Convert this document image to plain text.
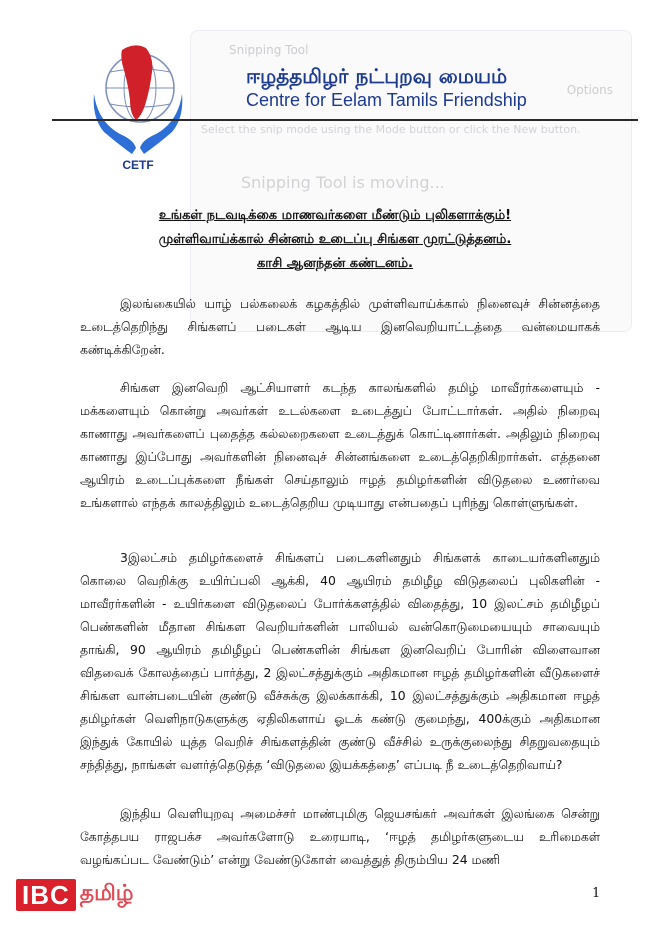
Snipping Tool
Options
Select the snip mode using the Mode button or click the New button.
Snipping Tool is moving...
CETF
ஈழத்தமிழர் நட்புறவு மையம்
Centre for Eelam Tamils Friendship
உங்கள் நடவடிக்கை மாணவர்களை மீண்டும் புலிகளாக்கும்!
முள்ளிவாய்க்கால் சின்னம் உடைப்பு சிங்கள முரட்டுத்தனம்.
காசி ஆனந்தன் கண்டனம்.

இலங்கையில் யாழ் பல்கலைக் கழகத்தில் முள்ளிவாய்க்கால் நினைவுச் சின்னத்தை உடைத்தெறிந்து சிங்களப் படைகள் ஆடிய இனவெறியாட்டத்தை வன்மையாகக் கண்டிக்கிறேன்.

சிங்கள இனவெறி ஆட்சியாளர் கடந்த காலங்களில் தமிழ் மாவீரர்களையும் - மக்களையும் கொன்று அவர்கள் உடல்களை உடைத்துப் போட்டார்கள். அதில் நிறைவு காணாது அவர்களைப் புதைத்த கல்லறைகளை உடைத்துக் கொட்டினார்கள். அதிலும் நிறைவு காணாது இப்போது அவர்களின் நினைவுச் சின்னங்களை உடைத்தெறிகிறார்கள். எத்தனை ஆயிரம் உடைப்புக்களை நீங்கள் செய்தாலும் ஈழத் தமிழர்களின் விடுதலை உணர்வை உங்களால் எந்தக் காலத்திலும் உடைத்தெறிய முடியாது என்பதைப் புரிந்து கொள்ளுங்கள்.

3இலட்சம் தமிழர்களைச் சிங்களப் படைகளினதும் சிங்களக் காடையர்களினதும் கொலை வெறிக்கு உயிர்ப்பலி ஆக்கி, 40 ஆயிரம் தமிழீழ விடுதலைப் புலிகளின் - மாவீரர்களின் - உயிர்களை விடுதலைப் போர்க்களத்தில் விதைத்து, 10 இலட்சம் தமிழீழப் பெண்களின் மீதான சிங்கள வெறியர்களின் பாலியல் வன்கொடுமையையும் சாவையும் தாங்கி, 90 ஆயிரம் தமிழீழப் பெண்களின் சிங்கள இனவெறிப் போரின் விளைவான விதவைக் கோலத்தைப் பார்த்து, 2 இலட்சத்துக்கும் அதிகமான ஈழத் தமிழர்களின் வீடுகளைச் சிங்கள வான்படையின் குண்டு வீச்சுக்கு இலக்காக்கி, 10 இலட்சத்துக்கும் அதிகமான ஈழத் தமிழர்கள் வெளிநாடுகளுக்கு ஏதிலிகளாய் ஓடக் கண்டு குமைந்து, 400க்கும் அதிகமான இந்துக் கோயில் யுத்த வெறிச் சிங்களத்தின் குண்டு வீச்சில் உருக்குலைந்து சிதறுவதையும் சந்தித்து, நாங்கள் வளர்த்தெடுத்த ‘விடுதலை இயக்கத்தை’ எப்படி நீ உடைத்தெறிவாய்?

இந்திய வெளியுறவு அமைச்சர் மாண்புமிகு ஜெயசங்கர் அவர்கள் இலங்கை சென்று கோத்தபய ராஜபக்ச அவர்களோடு உரையாடி, ‘ஈழத் தமிழர்களுடைய உரிமைகள் வழங்கப்பட வேண்டும்’ என்று வேண்டுகோள் வைத்துத் திரும்பிய 24 மணி

1
IBC தமிழ்
